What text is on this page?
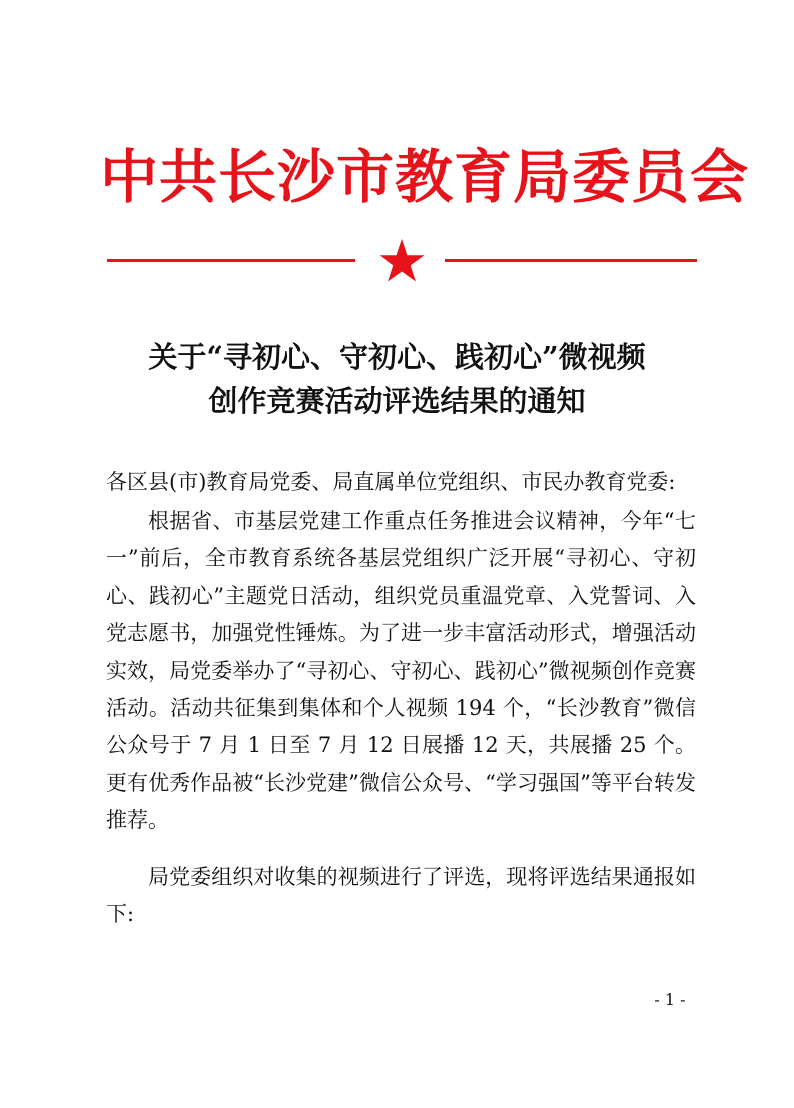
中共长沙市教育局委员会
关于“寻初心、守初心、践初心”微视频
创作竞赛活动评选结果的通知
各区县(市)教育局党委、局直属单位党组织、市民办教育党委:
根据省、市基层党建工作重点任务推进会议精神，今年“七一”前后，全市教育系统各基层党组织广泛开展“寻初心、守初心、践初心”主题党日活动，组织党员重温党章、入党誓词、入党志愿书，加强党性锤炼。为了进一步丰富活动形式，增强活动实效，局党委举办了“寻初心、守初心、践初心”微视频创作竞赛活动。活动共征集到集体和个人视频 194 个，“长沙教育”微信公众号于 7 月 1 日至 7 月 12 日展播 12 天，共展播 25 个。更有优秀作品被“长沙党建”微信公众号、“学习强国”等平台转发推荐。
局党委组织对收集的视频进行了评选，现将评选结果通报如下:
- 1 -
